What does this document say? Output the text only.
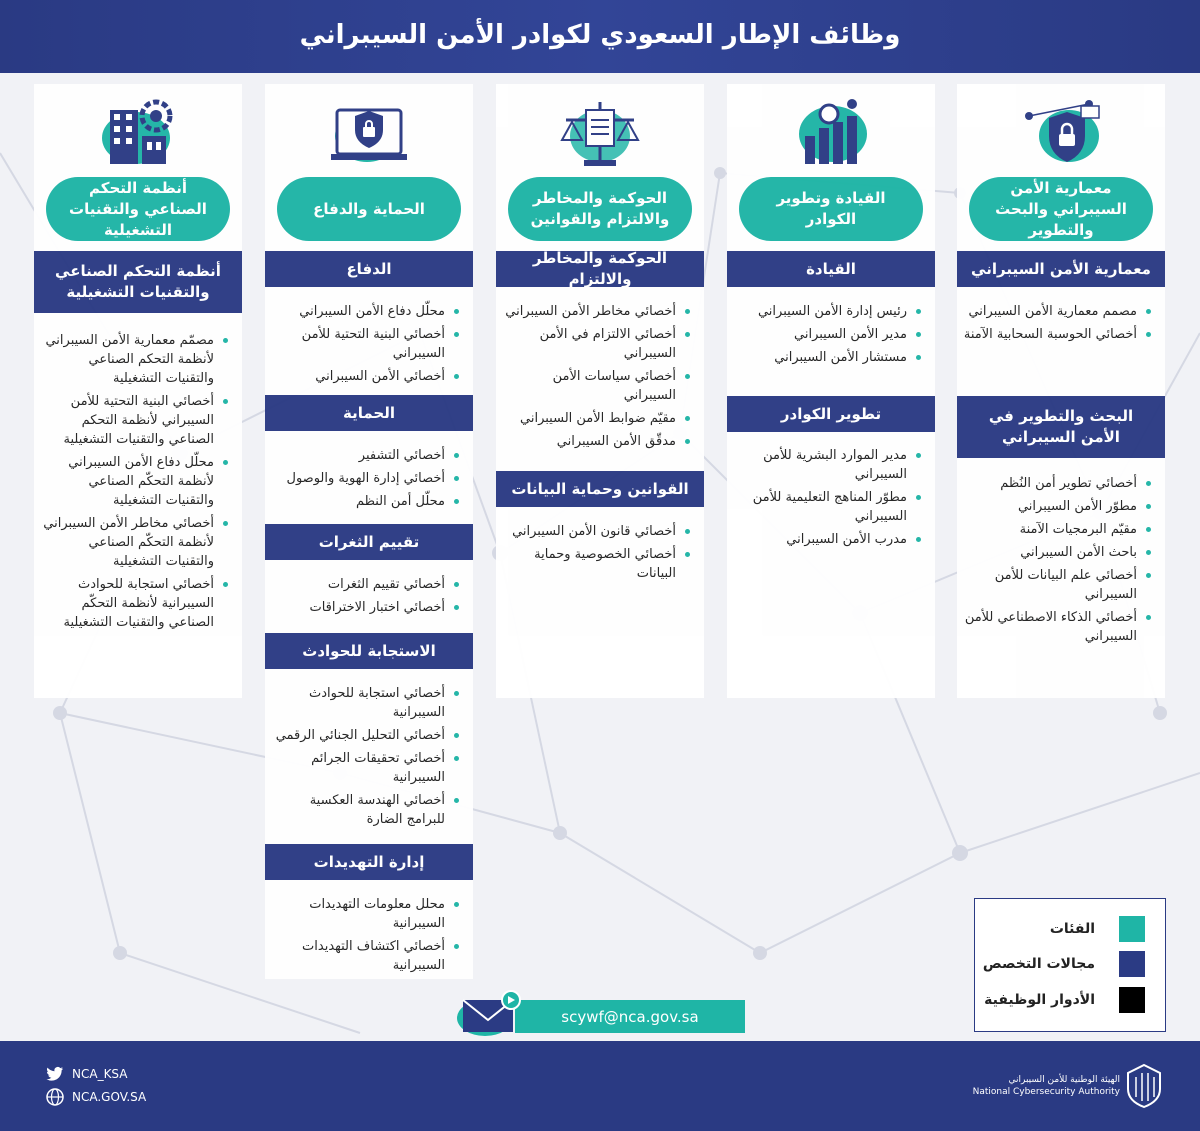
وظائف الإطار السعودي لكوادر الأمن السيبراني
معمارية الأمن السيبراني والبحث والتطوير
معمارية الأمن السيبراني
مصمم معمارية الأمن السيبراني
أخصائي الحوسبة السحابية الآمنة
البحث والتطوير في الأمن السيبراني
أخصائي تطوير أمن النُظم
مطوّر الأمن السيبراني
مقيّم البرمجيات الآمنة
باحث الأمن السيبراني
أخصائي علم البيانات للأمن السيبراني
أخصائي الذكاء الاصطناعي للأمن السيبراني
القيادة وتطوير الكوادر
القيادة
رئيس إدارة الأمن السيبراني
مدير الأمن السيبراني
مستشار الأمن السيبراني
تطوير الكوادر
مدير الموارد البشرية للأمن السيبراني
مطوّر المناهج التعليمية للأمن السيبراني
مدرب الأمن السيبراني
الحوكمة والمخاطر والالتزام والقوانين
الحوكمة والمخاطر والالتزام
أخصائي مخاطر الأمن السيبراني
أخصائي الالتزام في الأمن السيبراني
أخصائي سياسات الأمن السيبراني
مقيّم ضوابط الأمن السيبراني
مدقّق الأمن السيبراني
القوانين وحماية البيانات
أخصائي قانون الأمن السيبراني
أخصائي الخصوصية وحماية البيانات
الحماية والدفاع
الدفاع
محلّل دفاع الأمن السيبراني
أخصائي البنية التحتية للأمن السيبراني
أخصائي الأمن السيبراني
الحماية
أخصائي التشفير
أخصائي إدارة الهوية والوصول
محلّل أمن النظم
تقييم الثغرات
أخصائي تقييم الثغرات
أخصائي اختبار الاختراقات
الاستجابة للحوادث
أخصائي استجابة للحوادث السيبرانية
أخصائي التحليل الجنائي الرقمي
أخصائي تحقيقات الجرائم السيبرانية
أخصائي الهندسة العكسية للبرامج الضارة
إدارة التهديدات
محلل معلومات التهديدات السيبرانية
أخصائي اكتشاف التهديدات السيبرانية
أنظمة التحكم الصناعي والتقنيات التشغيلية
أنظمة التحكم الصناعي والتقنيات التشغيلية
مصمّم معمارية الأمن السيبراني لأنظمة التحكم الصناعي والتقنيات التشغيلية
أخصائي البنية التحتية للأمن السيبراني لأنظمة التحكم الصناعي والتقنيات التشغيلية
محلّل دفاع الأمن السيبراني لأنظمة التحكّم الصناعي والتقنيات التشغيلية
أخصائي مخاطر الأمن السيبراني لأنظمة التحكّم الصناعي والتقنيات التشغيلية
أخصائي استجابة للحوادث السيبرانية لأنظمة التحكّم الصناعي والتقنيات التشغيلية
الفئات
مجالات التخصص
الأدوار الوظيفية
scywf@nca.gov.sa
NCA_KSA
NCA.GOV.SA
الهيئة الوطنية للأمن السيبراني
National Cybersecurity Authority
